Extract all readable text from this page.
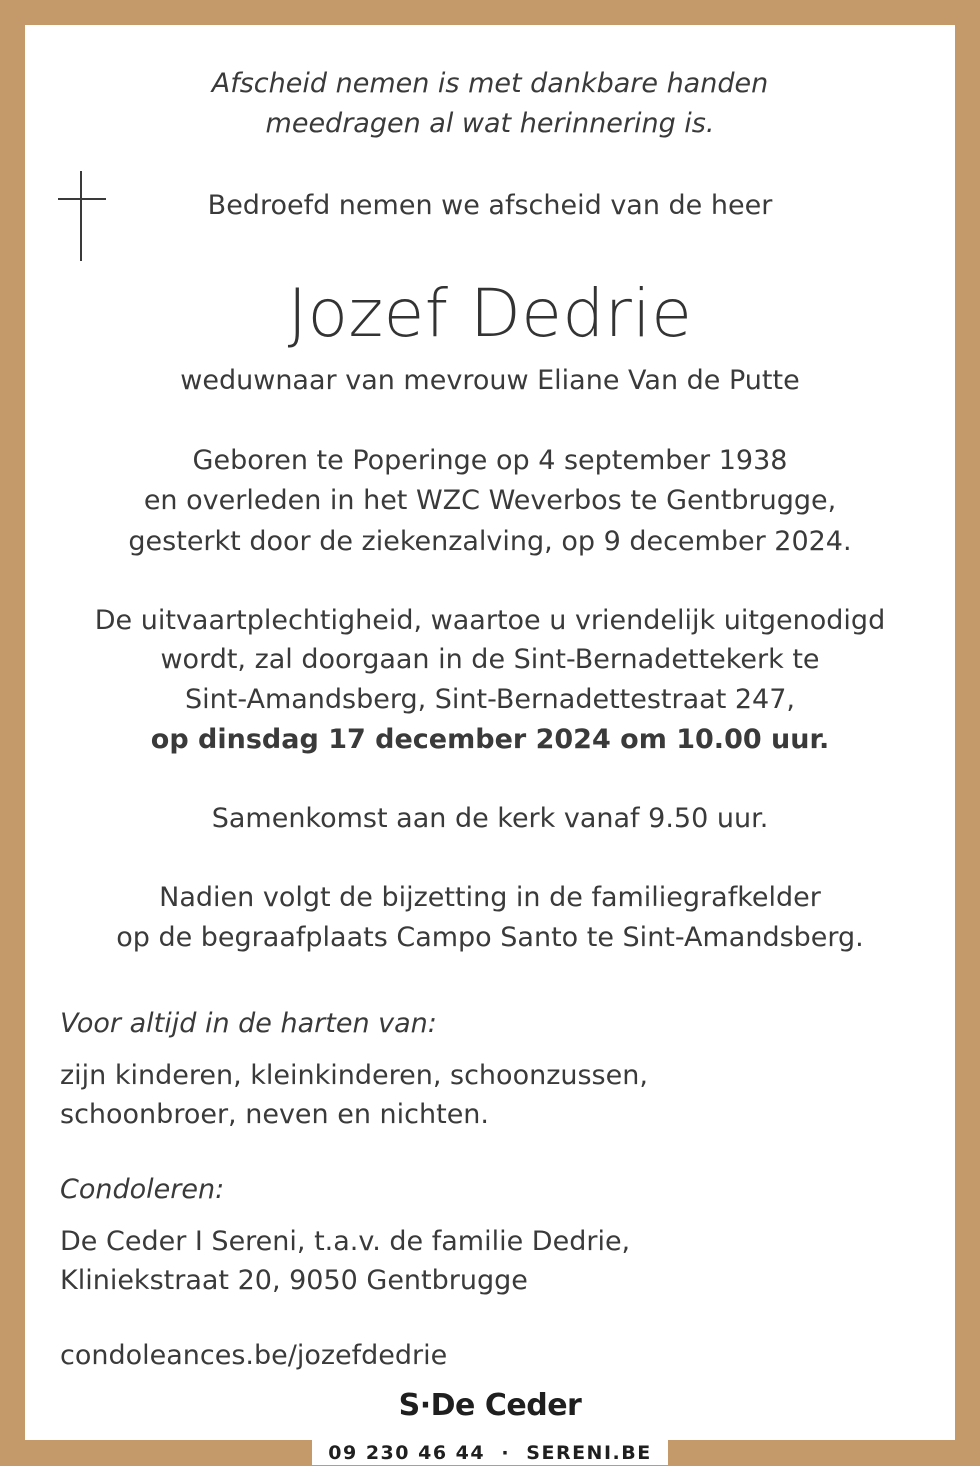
Afscheid nemen is met dankbare handen

meedragen al wat herinnering is.

Bedroefd nemen we afscheid van de heer

Jozef Dedrie

weduwnaar van mevrouw Eliane Van de Putte

Geboren te Poperinge op 4 september 1938

en overleden in het WZC Weverbos te Gentbrugge,

gesterkt door de ziekenzalving, op 9 december 2024.

De uitvaartplechtigheid, waartoe u vriendelijk uitgenodigd

wordt, zal doorgaan in de Sint-Bernadettekerk te

Sint-Amandsberg, Sint-Bernadettestraat 247,

op dinsdag 17 december 2024 om 10.00 uur.

Samenkomst aan de kerk vanaf 9.50 uur.

Nadien volgt de bijzetting in de familiegrafkelder

op de begraafplaats Campo Santo te Sint-Amandsberg.

Voor altijd in de harten van:

zijn kinderen, kleinkinderen, schoonzussen,

schoonbroer, neven en nichten.

Condoleren:

De Ceder I Sereni, t.a.v. de familie Dedrie,

Kliniekstraat 20, 9050 Gentbrugge

condoleances.be/jozefdedrie

S·De Ceder
09 230 46 44  ·  SERENI.BE
